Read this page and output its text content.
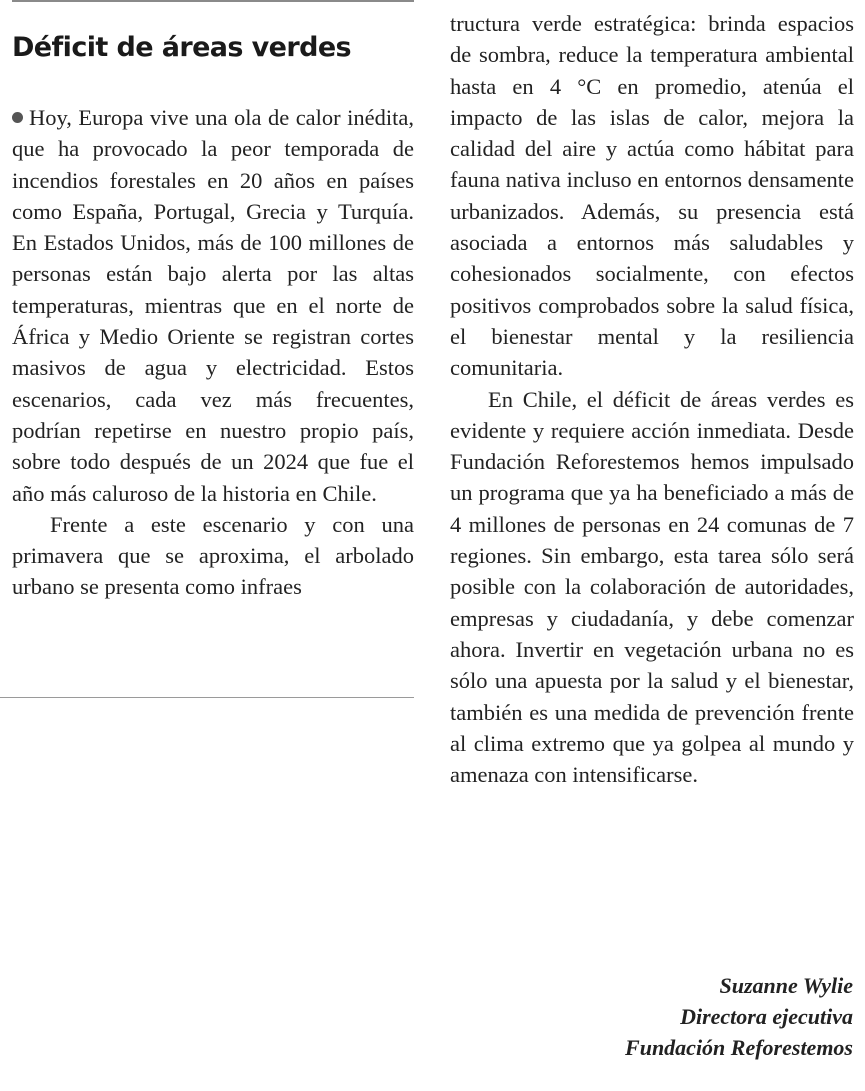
Déficit de áreas verdes

Hoy, Europa vive una ola de calor inédita, que ha provocado la peor temporada de incendios forestales en 20 años en países como España, Portugal, Grecia y Turquía. En Estados Unidos, más de 100 millones de personas están bajo alerta por las altas temperaturas, mientras que en el norte de África y Medio Oriente se registran cortes masivos de agua y electricidad. Estos escenarios, cada vez más frecuentes, podrían repetirse en nuestro propio país, sobre todo después de un 2024 que fue el año más caluroso de la historia en Chile.

Frente a este escenario y con una primavera que se aproxima, el arbolado urbano se presenta como infraes

tructura verde estratégica: brinda espacios de sombra, reduce la temperatura ambiental hasta en 4 °C en promedio, atenúa el impacto de las islas de calor, mejora la calidad del aire y actúa como hábitat para fauna nativa incluso en entornos densamente urbanizados. Además, su presencia está asociada a entornos más saludables y cohesionados socialmente, con efectos positivos comprobados sobre la salud física, el bienestar mental y la resiliencia comunitaria.

En Chile, el déficit de áreas verdes es evidente y requiere acción inmediata. Desde Fundación Reforestemos hemos impulsado un programa que ya ha beneficiado a más de 4 millones de personas en 24 comunas de 7 regiones. Sin embargo, esta tarea sólo será posible con la colaboración de autoridades, empresas y ciudadanía, y debe comenzar ahora. Invertir en vegetación urbana no es sólo una apuesta por la salud y el bienestar, también es una medida de prevención frente al clima extremo que ya golpea al mundo y amenaza con intensificarse.

Suzanne Wylie
Directora ejecutiva
Fundación Reforestemos
